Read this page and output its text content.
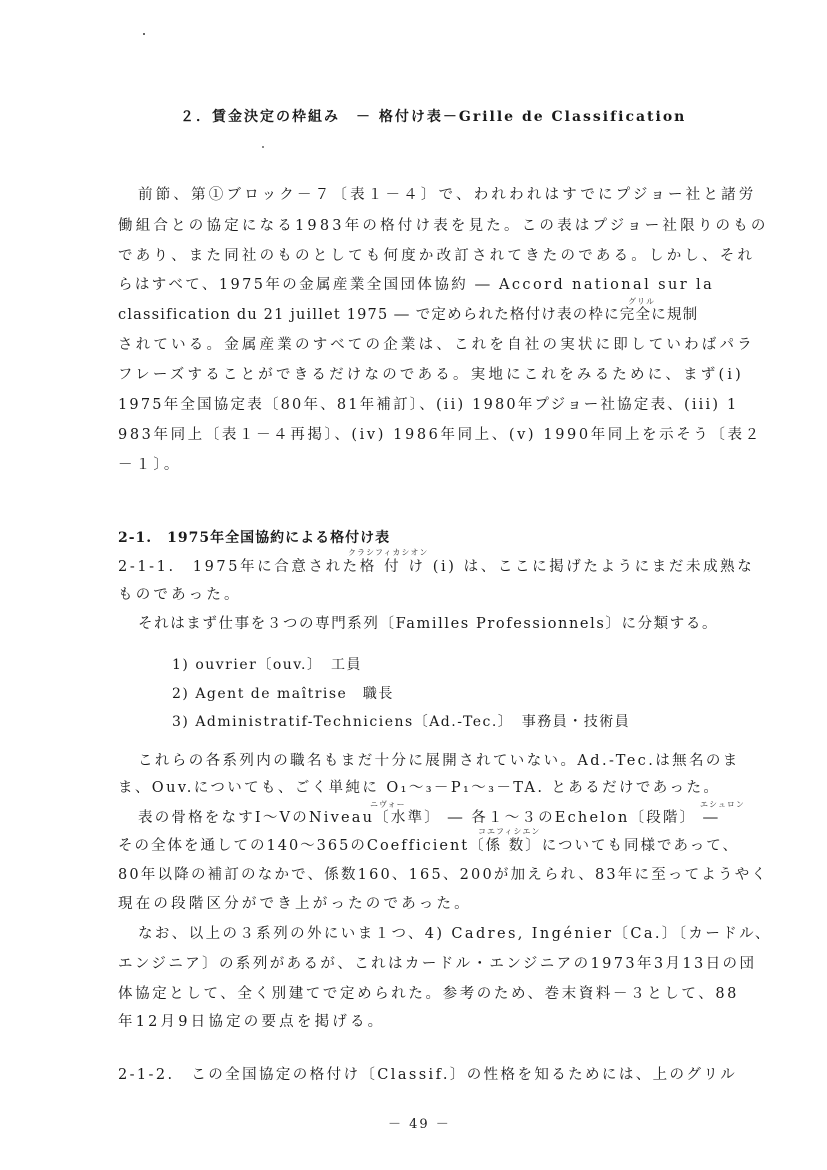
２．賃金決定の枠組み　－ 格付け表－Grille de Classification
前節、第①ブロック－７〔表１－４〕で、われわれはすでにプジョー社と諸労
働組合との協定になる1983年の格付け表を見た。この表はプジョー社限りのもの
であり、また同社のものとしても何度か改訂されてきたのである。しかし、それ
らはすべて、1975年の金属産業全国団体協約 ― Accord national sur la
グリル
classification du 21 juillet 1975 ― で定められた格付け表の枠に完全に規制
されている。金属産業のすべての企業は、これを自社の実状に即していわばパラ
フレーズすることができるだけなのである。実地にこれをみるために、まず(i)
1975年全国協定表〔80年、81年補訂〕、(ii) 1980年プジョー社協定表、(iii) 1
983年同上〔表１－４再掲〕、(iv) 1986年同上、(v) 1990年同上を示そう〔表２
－１〕。
2-1.　1975年全国協約による格付け表
クラシフィカシオン
2-1-1.　1975年に合意された格 付 け (i) は、ここに掲げたようにまだ未成熟な
ものであった。
それはまず仕事を３つの専門系列〔Familles Professionnels〕に分類する。
1) ouvrier〔ouv.〕　工員
2) Agent de maîtrise　職長
3) Administratif-Techniciens〔Ad.-Tec.〕　事務員・技術員
これらの各系列内の職名もまだ十分に展開されていない。Ad.-Tec.は無名のま
ま、Ouv.についても、ごく単純に O₁～₃－P₁～₃－TA. とあるだけであった。
ニヴォー	エシュロン
表の骨格をなすⅠ～ⅤのNiveau〔水準〕 ― 各１～３のEchelon〔段階〕 ―
コエフィシエン
その全体を通しての140～365のCoefficient〔係 数〕についても同様であって、
80年以降の補訂のなかで、係数160、165、200が加えられ、83年に至ってようやく
現在の段階区分ができ上がったのであった。
なお、以上の３系列の外にいま１つ、4) Cadres, Ingénier〔Ca.〕〔カードル、
エンジニア〕の系列があるが、これはカードル・エンジニアの1973年3月13日の団
体協定として、全く別建てで定められた。参考のため、巻末資料－３として、88
年12月9日協定の要点を掲げる。
2-1-2.　この全国協定の格付け〔Classif.〕の性格を知るためには、上のグリル
－ 49 －
